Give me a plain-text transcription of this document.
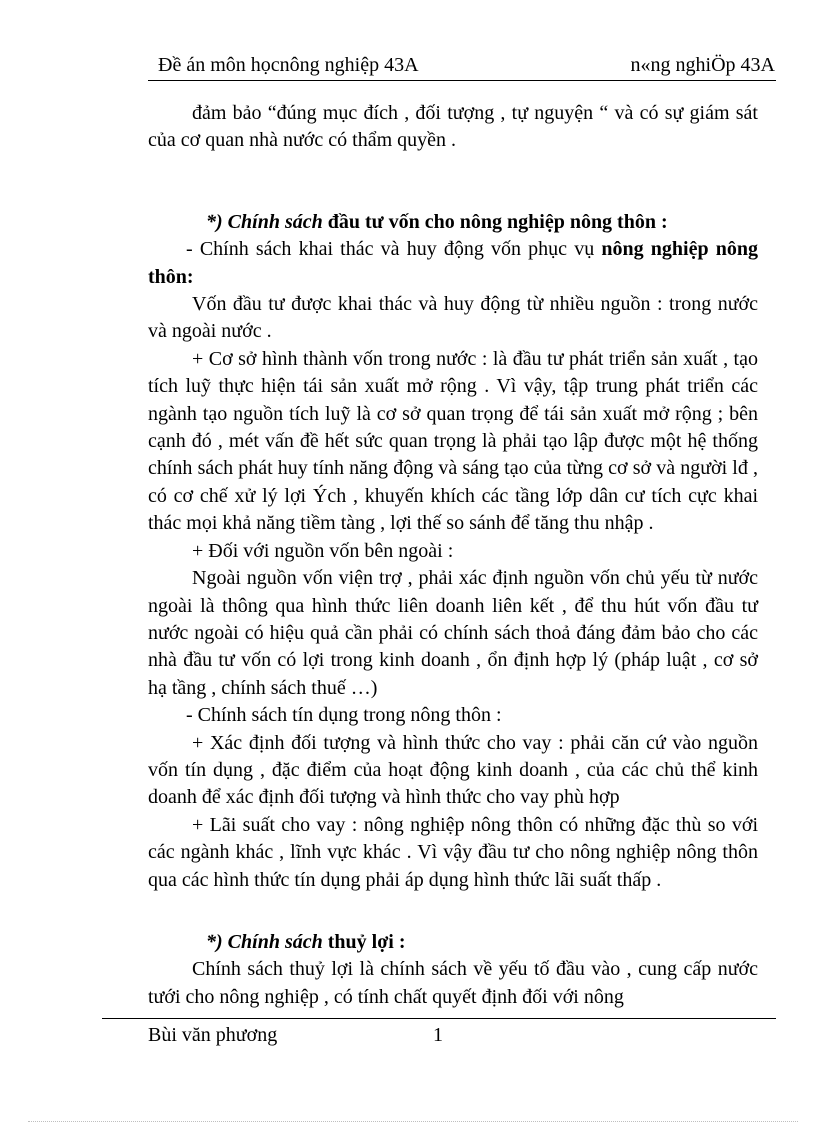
Đề án môn họcnông nghiệp 43A	n«ng nghiÖp 43A

đảm bảo “đúng mục đích , đối tượng , tự nguyện “ và có sự giám sát của cơ quan nhà nước có thẩm quyền .

*) Chính sách đầu tư vốn cho nông nghiệp nông thôn :

- Chính sách khai thác và huy động vốn phục vụ nông nghiệp nông thôn:

Vốn đầu tư được khai thác và huy động từ nhiều nguồn : trong nước và ngoài nước .

+ Cơ sở hình thành vốn trong nước : là đầu tư phát triển sản xuất , tạo tích luỹ thực hiện tái sản xuất mở rộng . Vì vậy, tập trung phát triển các ngành tạo nguồn tích luỹ là cơ sở quan trọng để tái sản xuất mở rộng ; bên cạnh đó , mét vấn đề hết sức quan trọng là phải tạo lập được một hệ thống chính sách phát huy tính năng động và sáng tạo của từng cơ sở và người lđ , có cơ chế xử lý lợi Ých , khuyến khích các tầng lớp dân cư tích cực khai thác mọi khả năng tiềm tàng , lợi thế so sánh để tăng thu nhập .

+ Đối với nguồn vốn bên ngoài :

Ngoài nguồn vốn viện trợ , phải xác định nguồn vốn chủ yếu từ nước ngoài là thông qua hình thức liên doanh liên kết , để thu hút vốn đầu tư nước ngoài có hiệu quả cần phải có chính sách thoả đáng đảm bảo cho các nhà đầu tư vốn có lợi trong kinh doanh , ổn định hợp lý (pháp luật , cơ sở hạ tầng , chính sách thuế …)

- Chính sách tín dụng trong nông thôn :

+ Xác định đối tượng và hình thức cho vay : phải căn cứ vào nguồn vốn tín dụng , đặc điểm của hoạt động kinh doanh , của các chủ thể kinh doanh để xác định đối tượng và hình thức cho vay phù hợp

+ Lãi suất cho vay : nông nghiệp nông thôn có những đặc thù so với các ngành khác , lĩnh vực khác . Vì vậy đầu tư cho nông nghiệp nông thôn qua các hình thức tín dụng phải áp dụng hình thức lãi suất thấp .

*) Chính sách thuỷ lợi :

Chính sách thuỷ lợi là chính sách về yếu tố đầu vào , cung cấp nước tưới cho nông nghiệp , có tính chất quyết định đối với nông

Bùi văn phương	1
